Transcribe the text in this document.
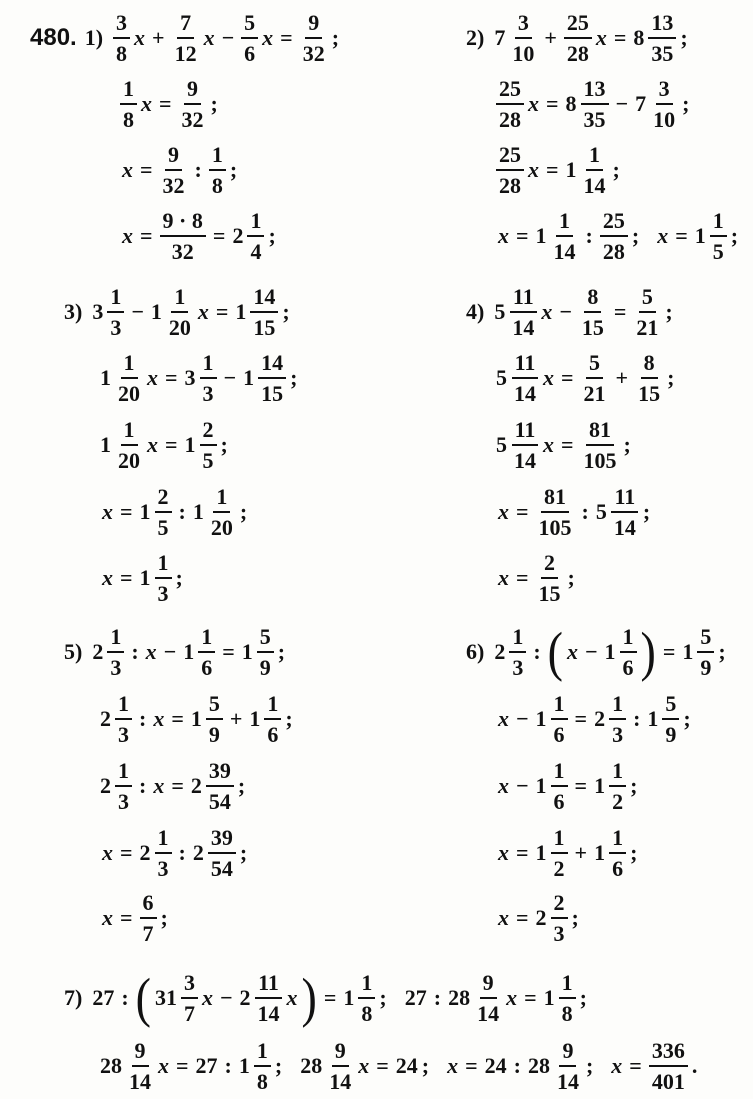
480. $1) \frac{3}{8}$ $x + \frac{7}{12}$ $x - \frac{5}{6}$ $x = \frac{9}{32}$ ;
$\frac{1}{8}$ $x = \frac{9}{32}$ ;
$x = \frac{9}{32}$ : $\frac{1}{8}$ ;
$x = \frac{9 \cdot 8}{32} = 2 \frac{1}{4}$ ;
2) $7 \frac{3}{10} + \frac{25}{28}$ $x = 8 \frac{13}{35}$ ;
$\frac{25}{28}$ $x = 8 \frac{13}{35} - 7 \frac{3}{10}$ ;
$\frac{25}{28}$ $x = 1 \frac{1}{14}$ ;
$x = 1 \frac{1}{14}$ : $\frac{25}{28}$ ; $x = 1 \frac{1}{5}$ ;
3) $3 \frac{1}{3} - 1 \frac{1}{20}$ $x = 1 \frac{14}{15}$ ;
$1 \frac{1}{20}$ $x = 3 \frac{1}{3} - 1 \frac{14}{15}$ ;
$1 \frac{1}{20}$ $x = 1 \frac{2}{5}$ ;
$x = 1 \frac{2}{5}$ : $1 \frac{1}{20}$ ;
$x = 1 \frac{1}{3}$ ;
4) $5 \frac{11}{14}$ $x - \frac{8}{15} = \frac{5}{21}$ ;
$5 \frac{11}{14}$ $x = \frac{5}{21} + \frac{8}{15}$ ;
$5 \frac{11}{14}$ $x = \frac{81}{105}$ ;
$x = \frac{81}{105}$ : $5 \frac{11}{14}$ ;
$x = \frac{2}{15}$ ;
5) $2 \frac{1}{3}$ : $x - 1 \frac{1}{6} = 1 \frac{5}{9}$ ;
$2 \frac{1}{3}$ : $x = 1 \frac{5}{9} + 1 \frac{1}{6}$ ;
$2 \frac{1}{3}$ : $x = 2 \frac{39}{54}$ ;
$x = 2 \frac{1}{3}$ : $2 \frac{39}{54}$ ;
$x = \frac{6}{7}$ ;
6) $2 \frac{1}{3}$ : ( $x - 1 \frac{1}{6}$ ) = $1 \frac{5}{9}$ ;
$x - 1 \frac{1}{6} = 2 \frac{1}{3}$ : $1 \frac{5}{9}$ ;
$x - 1 \frac{1}{6} = 1 \frac{1}{2}$ ;
$x = 1 \frac{1}{2} + 1 \frac{1}{6}$ ;
$x = 2 \frac{2}{3}$ ;
7) 27 : ( $31 \frac{3}{7}$ $x - 2 \frac{11}{14}$ x ) = $1 \frac{1}{8}$ ; 27 : $28 \frac{9}{14}$ $x = 1 \frac{1}{8}$ ;
$28 \frac{9}{14}$ x = 27 : $1 \frac{1}{8}$ ; $28 \frac{9}{14}$ x = 24 ; x = 24 : $28 \frac{9}{14}$ ; $x = \frac{336}{401}$ .
